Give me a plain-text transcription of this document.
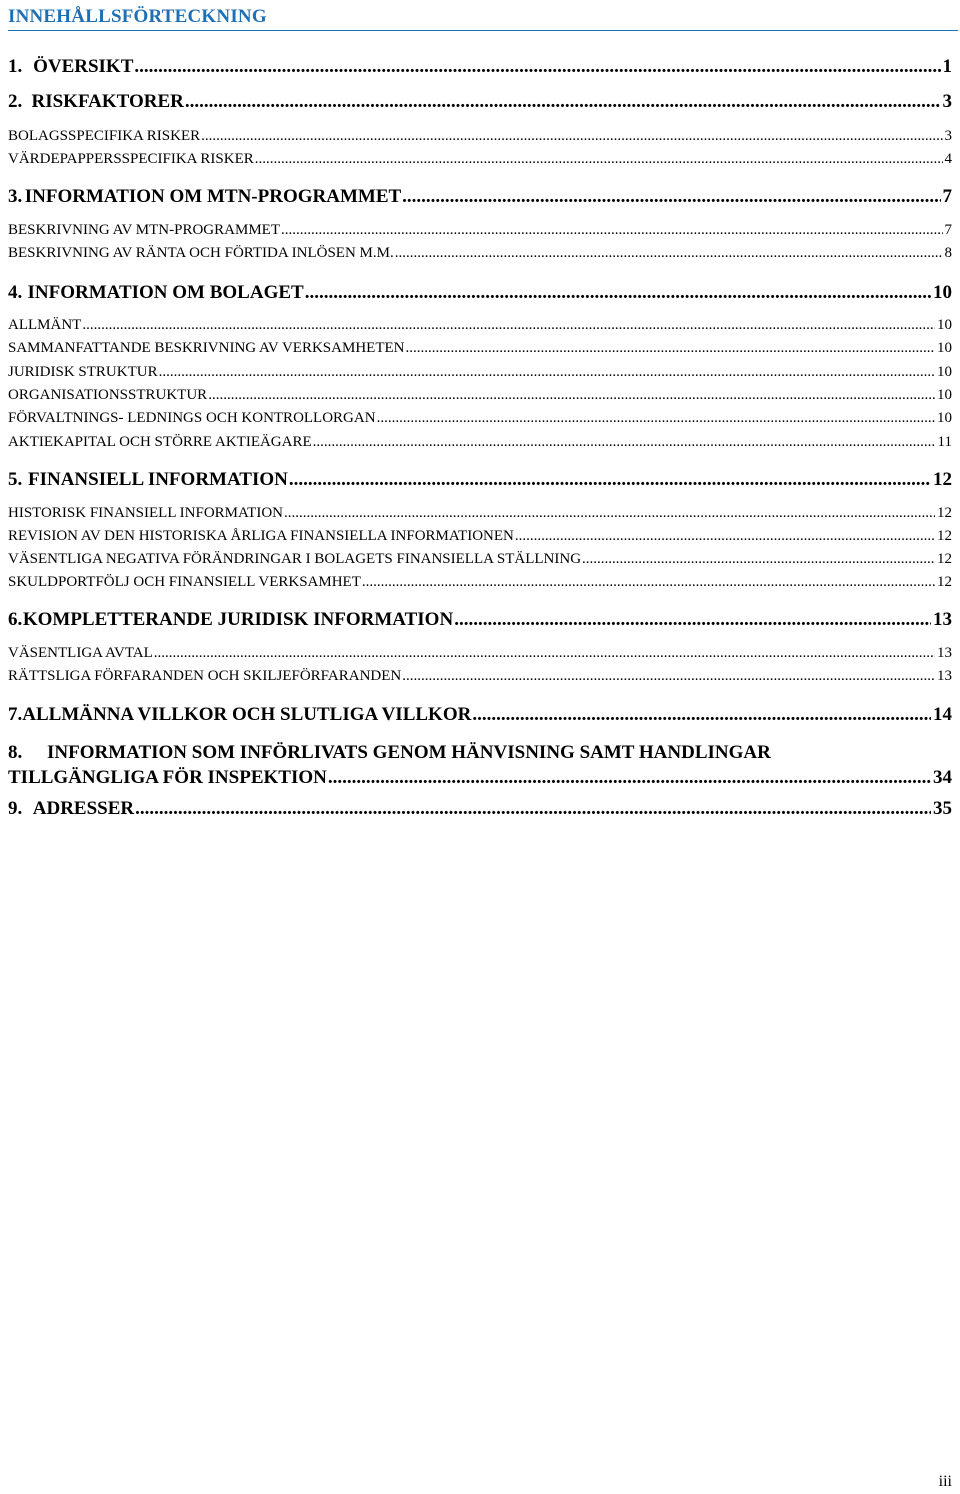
INNEHÅLLSFÖRTECKNING
1. ÖVERSIKT .....	1
2. RISKFAKTORER .....	3
BOLAGSSPECIFIKA RISKER .....	3
VÄRDEPAPPERSSPECIFIKA RISKER .....	4
3. INFORMATION OM MTN-PROGRAMMET .....	7
BESKRIVNING AV MTN-PROGRAMMET .....	7
BESKRIVNING AV RÄNTA OCH FÖRTIDA INLÖSEN M.M. .....	8
4. INFORMATION OM BOLAGET .....	10
ALLMÄNT .....	10
SAMMANFATTANDE BESKRIVNING AV VERKSAMHETEN .....	10
JURIDISK STRUKTUR .....	10
ORGANISATIONSSTRUKTUR .....	10
FÖRVALTNINGS- LEDNINGS OCH KONTROLLORGAN .....	10
AKTIEKAPITAL OCH STÖRRE AKTIEÄGARE .....	11
5. FINANSIELL INFORMATION .....	12
HISTORISK FINANSIELL INFORMATION .....	12
REVISION AV DEN HISTORISKA ÅRLIGA FINANSIELLA INFORMATIONEN .....	12
VÄSENTLIGA NEGATIVA FÖRÄNDRINGAR I BOLAGETS FINANSIELLA STÄLLNING .....	12
SKULDPORTFÖLJ OCH FINANSIELL VERKSAMHET .....	12
6. KOMPLETTERANDE JURIDISK INFORMATION .....	13
VÄSENTLIGA AVTAL .....	13
RÄTTSLIGA FÖRFARANDEN OCH SKILJEFÖRFARANDEN .....	13
7. ALLMÄNNA VILLKOR OCH SLUTLIGA VILLKOR .....	14
8. INFORMATION SOM INFÖRLIVATS GENOM HÄNVISNING SAMT HANDLINGAR
TILLGÄNGLIGA FÖR INSPEKTION .....	34
9. ADRESSER .....	35
iii
